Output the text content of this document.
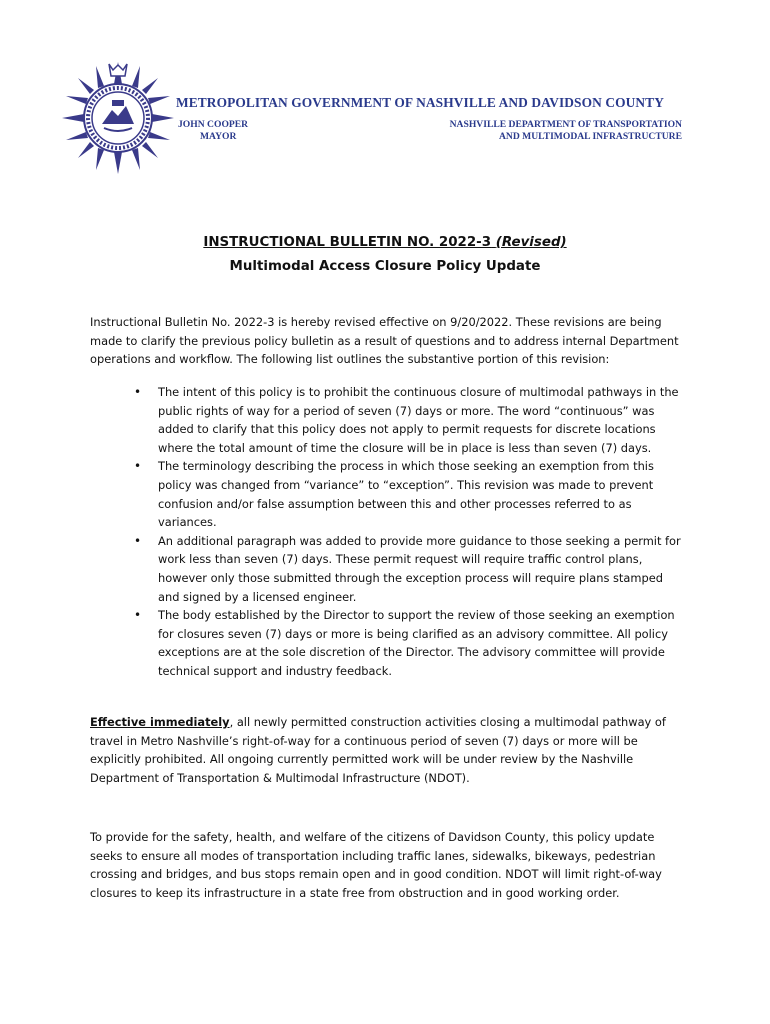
METROPOLITAN GOVERNMENT OF NASHVILLE AND DAVIDSON COUNTY
JOHN COOPER
MAYOR
NASHVILLE DEPARTMENT OF TRANSPORTATION
AND MULTIMODAL INFRASTRUCTURE
INSTRUCTIONAL BULLETIN NO. 2022-3 (Revised)
Multimodal Access Closure Policy Update
Instructional Bulletin No. 2022-3 is hereby revised effective on 9/20/2022. These revisions are being made to clarify the previous policy bulletin as a result of questions and to address internal Department operations and workflow. The following list outlines the substantive portion of this revision:
• The intent of this policy is to prohibit the continuous closure of multimodal pathways in the public rights of way for a period of seven (7) days or more. The word “continuous” was added to clarify that this policy does not apply to permit requests for discrete locations where the total amount of time the closure will be in place is less than seven (7) days.
• The terminology describing the process in which those seeking an exemption from this policy was changed from “variance” to “exception”. This revision was made to prevent confusion and/or false assumption between this and other processes referred to as variances.
• An additional paragraph was added to provide more guidance to those seeking a permit for work less than seven (7) days. These permit request will require traffic control plans, however only those submitted through the exception process will require plans stamped and signed by a licensed engineer.
• The body established by the Director to support the review of those seeking an exemption for closures seven (7) days or more is being clarified as an advisory committee. All policy exceptions are at the sole discretion of the Director. The advisory committee will provide technical support and industry feedback.
Effective immediately, all newly permitted construction activities closing a multimodal pathway of travel in Metro Nashville’s right-of-way for a continuous period of seven (7) days or more will be explicitly prohibited. All ongoing currently permitted work will be under review by the Nashville Department of Transportation & Multimodal Infrastructure (NDOT).
To provide for the safety, health, and welfare of the citizens of Davidson County, this policy update seeks to ensure all modes of transportation including traffic lanes, sidewalks, bikeways, pedestrian crossing and bridges, and bus stops remain open and in good condition. NDOT will limit right-of-way closures to keep its infrastructure in a state free from obstruction and in good working order.
